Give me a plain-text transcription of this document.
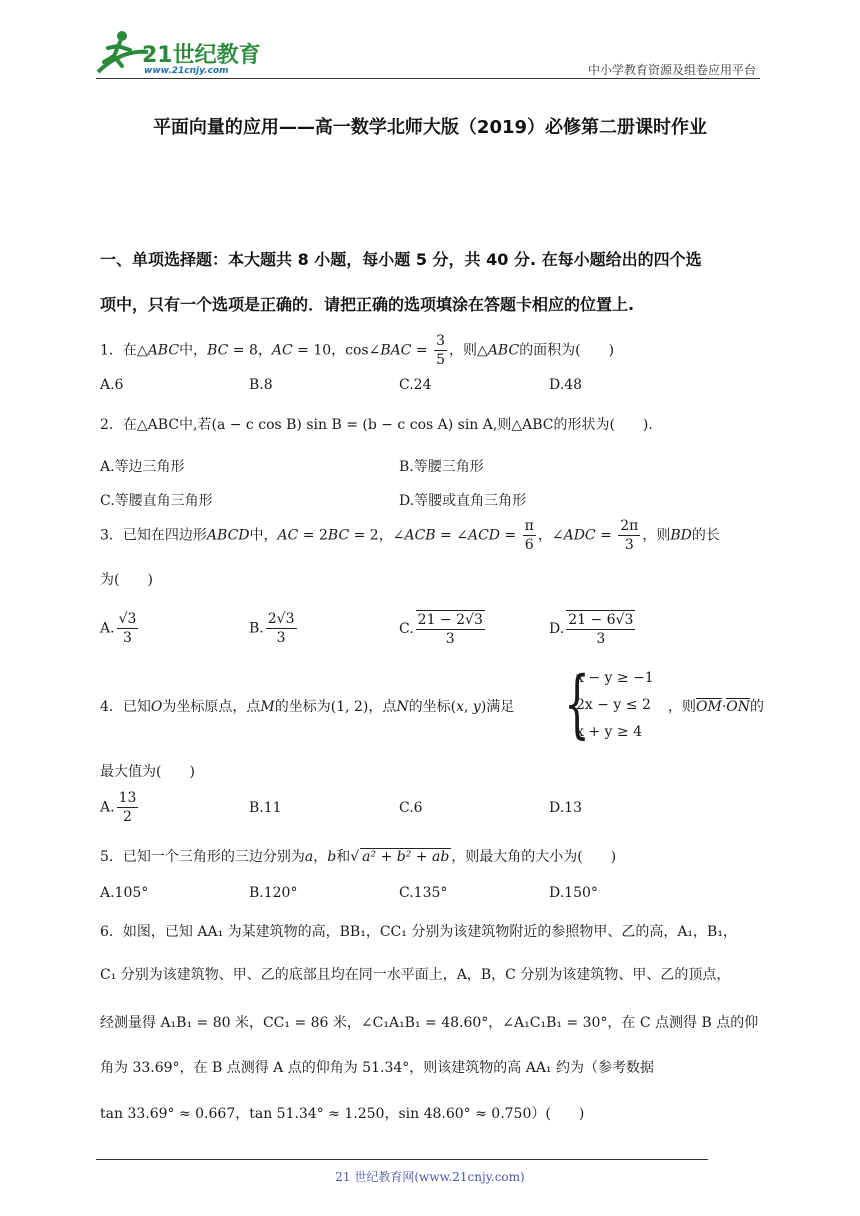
21世纪教育
www.21cnjy.com	中小学教育资源及组卷应用平台
平面向量的应用——高一数学北师大版（2019）必修第二册课时作业
一、单项选择题：本大题共 8 小题，每小题 5 分，共 40 分. 在每小题给出的四个选
项中，只有一个选项是正确的．请把正确的选项填涂在答题卡相应的位置上.
1．在△ABC中，BC = 8，AC = 10，cos∠BAC = $\frac{3}{5}$ ，则△ABC的面积为(　　)
A.6	B.8	C.24	D.48
2．在△ABC中,若(a − c cos B) sin B = (b − c cos A) sin A,则△ABC的形状为(　　).
A.等边三角形	B.等腰三角形
C.等腰直角三角形	D.等腰或直角三角形
3．已知在四边形ABCD中，AC = 2BC = 2，∠ACB = ∠ACD = $\frac{\pi}{6}$ ，∠ADC = $\frac{2\pi}{3}$ ，则BD的长
为(　　)
A. $\frac{√3}{3}$	B. $\frac{2√3}{3}$	C. $\frac{21 - 2√3}{3}$	D. $\frac{21 - 6√3}{3}$
4．已知O为坐标原点，点M的坐标为(1, 2)，点N的坐标(x, y)满足 {
x − y ≥ −1
2x − y ≤ 2
x + y ≥ 4
，则$\overline{OM}\cdot\overline{ON}$的
最大值为(　　)
A. $\frac{13}{2}$	B.11	C.6	D.13
5．已知一个三角形的三边分别为a，b和√ a² + b² + ab ，则最大角的大小为(　　)
A.105°	B.120°	C.135°	D.150°
6．如图，已知 AA₁ 为某建筑物的高，BB₁，CC₁ 分别为该建筑物附近的参照物甲、乙的高，A₁，B₁，
C₁ 分别为该建筑物、甲、乙的底部且均在同一水平面上，A，B，C 分别为该建筑物、甲、乙的顶点，
经测量得 A₁B₁ = 80 米，CC₁ = 86 米，∠C₁A₁B₁ = 48.60°，∠A₁C₁B₁ = 30°，在 C 点测得 B 点的仰
角为 33.69°，在 B 点测得 A 点的仰角为 51.34°，则该建筑物的高 AA₁ 约为（参考数据
tan 33.69° ≈ 0.667，tan 51.34° ≈ 1.250，sin 48.60° ≈ 0.750）(　　)
21 世纪教育网(www.21cnjy.com)
